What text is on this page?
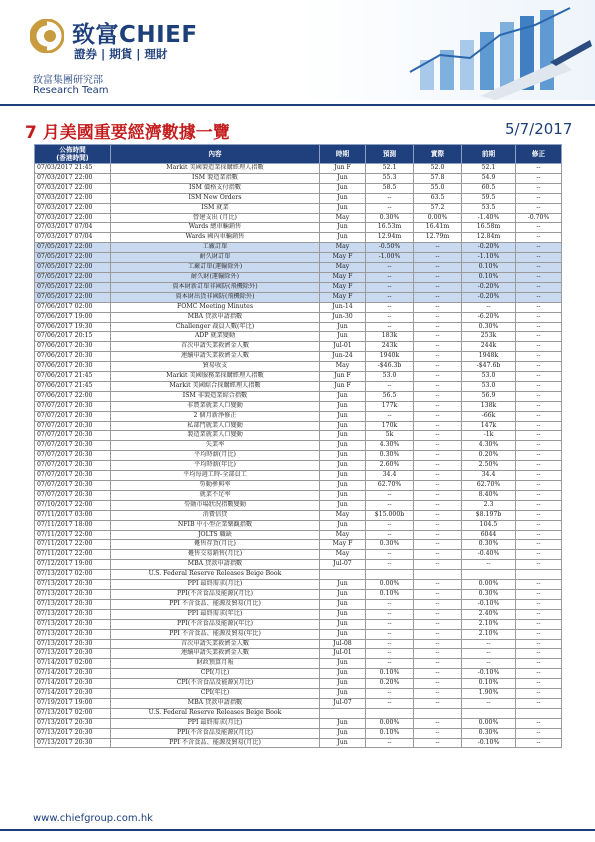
致富CHIEF
證券 | 期貨 | 理財
致富集團研究部
Research Team
7 月美國重要經濟數據一覽	5/7/2017
公佈時間
(香港時間)	內容	時期	預測	實際	前期	修正
07/03/2017 21:45	Markit 美國製造業採購經理人指數	Jun F	52.1	52.0	52.1	--
07/03/2017 22:00	ISM 製造業指數	Jun	55.3	57.8	54.9	--
07/03/2017 22:00	ISM 價格支付指數	Jun	58.5	55.0	60.5	--
07/03/2017 22:00	ISM New Orders	Jun	--	63.5	59.5	--
07/03/2017 22:00	ISM 就業	Jun	--	57.2	53.5	--
07/03/2017 22:00	營建支出 (月比)	May	0.30%	0.00%	-1.40%	-0.70%
07/03/2017 07/04	Wards 總車輛銷售	Jun	16.53m	16.41m	16.58m	--
07/03/2017 07/04	Wards 國內車輛銷售	Jun	12.94m	12.79m	12.84m	--
07/05/2017 22:00	工廠訂單	May	-0.50%	--	-0.20%	--
07/05/2017 22:00	耐久財訂單	May F	-1.00%	--	-1.10%	--
07/05/2017 22:00	工廠訂單(運輸除外)	May	--	--	0.10%	--
07/05/2017 22:00	耐久財(運輸除外)	May F	--	--	0.10%	--
07/05/2017 22:00	資本財新訂單非國防(飛機除外)	May F	--	--	-0.20%	--
07/05/2017 22:00	資本財出貨非國防(飛機除外)	May F	--	--	-0.20%	--
07/06/2017 02:00	FOMC Meeting Minutes	Jun-14	--	--	--	--
07/06/2017 19:00	MBA 貸款申請指數	Jun-30	--	--	-6.20%	--
07/06/2017 19:30	Challenger 裁員人數(年比)	Jun	--	--	0.30%	--
07/06/2017 20:15	ADP 就業變動	Jun	183k	--	253k	--
07/06/2017 20:30	首次申請失業救濟金人數	Jul-01	243k	--	244k	--
07/06/2017 20:30	連續申請失業救濟金人數	Jun-24	1940k	--	1948k	--
07/06/2017 20:30	貿易收支	May	-$46.3b	--	-$47.6b	--
07/06/2017 21:45	Markit 美國服務業採購經理人指數	Jun F	53.0	--	53.0	--
07/06/2017 21:45	Markit 美國綜合採購經理人指數	Jun F	--	--	53.0	--
07/06/2017 22:00	ISM 非製造業綜合指數	Jun	56.5	--	56.9	--
07/07/2017 20:30	非農業就業人口變動	Jun	177k	--	138k	--
07/07/2017 20:30	2 個月新淨修正	Jun	--	--	-66k	--
07/07/2017 20:30	私部門就業人口變動	Jun	170k	--	147k	--
07/07/2017 20:30	製造業就業人口變動	Jun	5k	--	-1k	--
07/07/2017 20:30	失業率	Jun	4.30%	--	4.30%	--
07/07/2017 20:30	平均時薪(月比)	Jun	0.30%	--	0.20%	--
07/07/2017 20:30	平均時薪(年比)	Jun	2.60%	--	2.50%	--
07/07/2017 20:30	平均每週工時-全部員工	Jun	34.4	--	34.4	--
07/07/2017 20:30	勞動參與率	Jun	62.70%	--	62.70%	--
07/07/2017 20:30	就業不足率	Jun	--	--	8.40%	--
07/10/2017 22:00	勞動市場狀況指數變動	Jun	--	--	2.3	--
07/11/2017 03:00	消費信貸	May	$15.000b	--	$8.197b	--
07/11/2017 18:00	NFIB 中小型企業樂觀指數	Jun	--	--	104.5	--
07/11/2017 22:00	JOLTS 職缺	May	--	--	6044	--
07/11/2017 22:00	躉售存貨(月比)	May F	0.30%	--	0.30%	--
07/11/2017 22:00	躉售交易銷售(月比)	May	--	--	-0.40%	--
07/12/2017 19:00	MBA 貸款申請指數	Jul-07	--	--	--	--
07/13/2017 02:00	U.S. Federal Reserve Releases Beige Book					
07/13/2017 20:30	PPI 最終需求(月比)	Jun	0.00%	--	0.00%	--
07/13/2017 20:30	PPI(不含食品及能源)(月比)	Jun	0.10%	--	0.30%	--
07/13/2017 20:30	PPI 不含食品、能源及貿易(月比)	Jun	--	--	-0.10%	--
07/13/2017 20:30	PPI 最終需求(年比)	Jun	--	--	2.40%	--
07/13/2017 20:30	PPI(不含食品及能源)(年比)	Jun	--	--	2.10%	--
07/13/2017 20:30	PPI 不含食品、能源及貿易(年比)	Jun	--	--	2.10%	--
07/13/2017 20:30	首次申請失業救濟金人數	Jul-08	--	--	--	--
07/13/2017 20:30	連續申請失業救濟金人數	Jul-01	--	--	--	--
07/14/2017 02:00	財政預算月報	Jun	--	--	--	--
07/14/2017 20:30	CPI(月比)	Jun	0.10%	--	-0.10%	--
07/14/2017 20:30	CPI(不含食品及能源)(月比)	Jun	0.20%	--	0.10%	--
07/14/2017 20:30	CPI(年比)	Jun	--	--	1.90%	--
07/19/2017 19:00	MBA 貸款申請指數	Jul-07	--	--	--	--
07/13/2017 02:00	U.S. Federal Reserve Releases Beige Book					
07/13/2017 20:30	PPI 最終需求(月比)	Jun	0.00%	--	0.00%	--
07/13/2017 20:30	PPI(不含食品及能源)(月比)	Jun	0.10%	--	0.30%	--
07/13/2017 20:30	PPI 不含食品、能源及貿易(月比)	Jun	--	--	-0.10%	--
www.chiefgroup.com.hk
